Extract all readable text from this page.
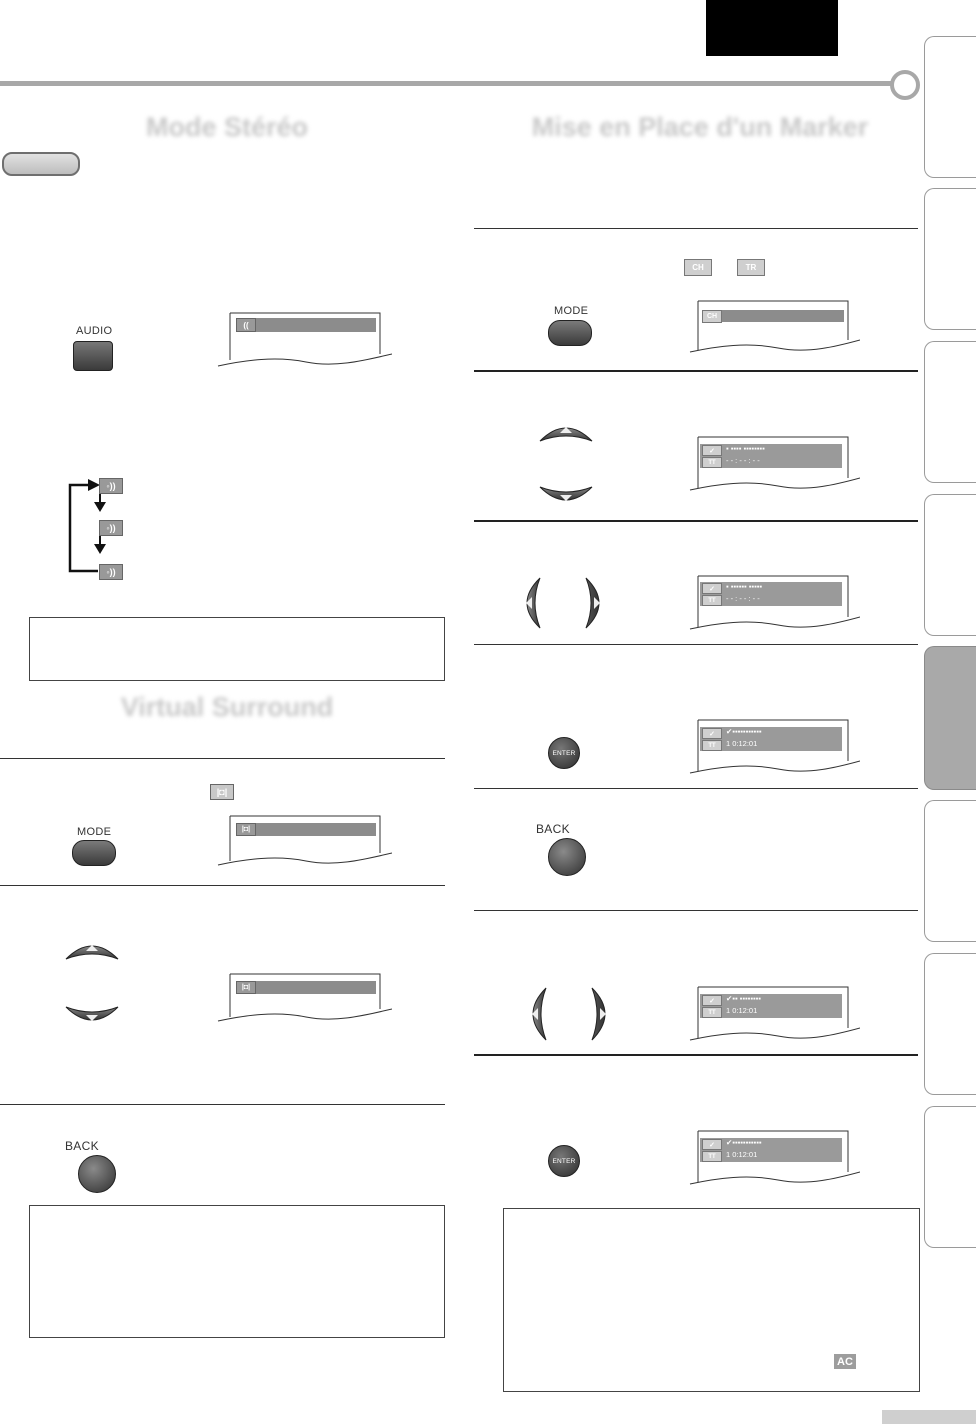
Mode Stéréo
AUDIO	((
◦))
◦))
◦))
Virtual Surround
|◘|
MODE	|◘|
|◘|
BACK
Mise en Place d'un Marker
CH	TR
MODE	CH
✓
TT
▪ ▪▪▪▪ ▪▪▪▪▪▪▪▪
- - : - - : - -
✓
TT
▪ ▪▪▪▪▪▪ ▪▪▪▪▪
- - : - - : - -
ENTER
✓
TT
✔▪▪▪▪▪▪▪▪▪▪▪
1 0:12:01
BACK
✓
TT
✔▪▪ ▪▪▪▪▪▪▪▪
1 0:12:01
ENTER
✓
TT
✔▪▪▪▪▪▪▪▪▪▪▪
1 0:12:01
AC
